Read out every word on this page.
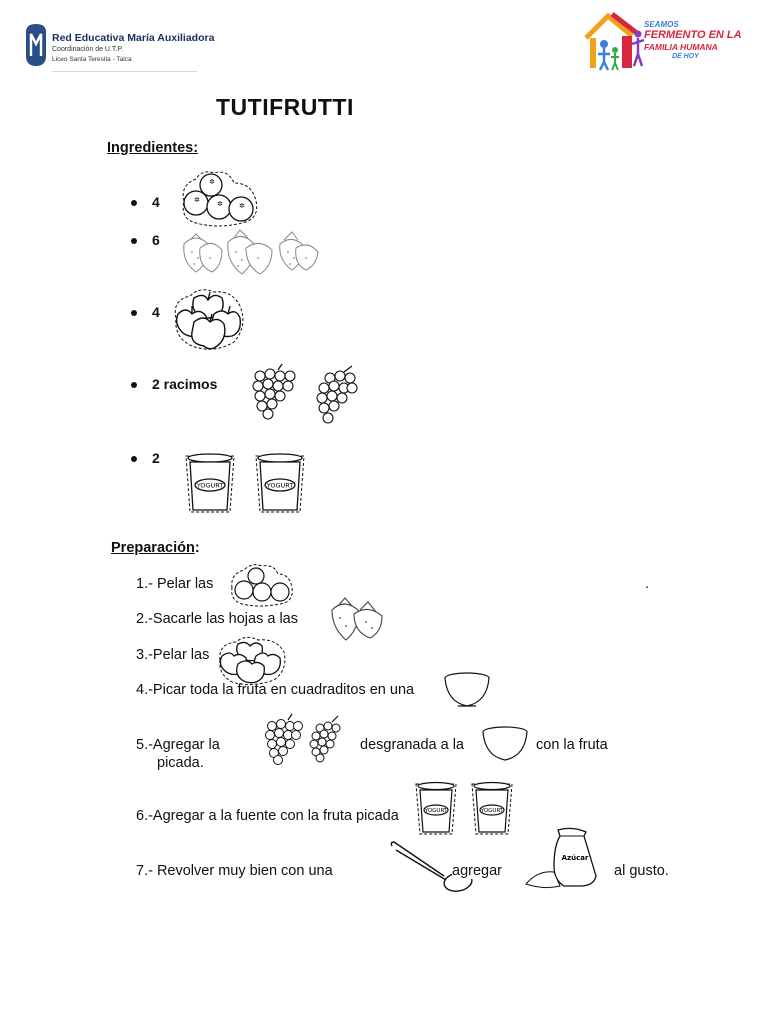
Red Educativa María Auxiliadora
Coordinación de U.T.P.
Liceo Santa Teresita - Talca
SEAMOS
FERMENTO EN LA
FAMILIA HUMANA
DE HOY
TUTIFRUTTI
Ingredientes:
4
✲
✲ ✲ ✲
6
4
2 racimos
2
YOGURT	YOGURT
Preparación:
1.- Pelar las	.
2.-Sacarle las hojas a las
3.-Pelar las
4.-Picar toda la fruta en cuadraditos en una
5.-Agregar la	desgranada a la	con la fruta
picada.
6.-Agregar a la fuente con la fruta picada	YOGURT	YOGURT
7.- Revolver muy bien con una	agregar
Azúcar
al gusto.
